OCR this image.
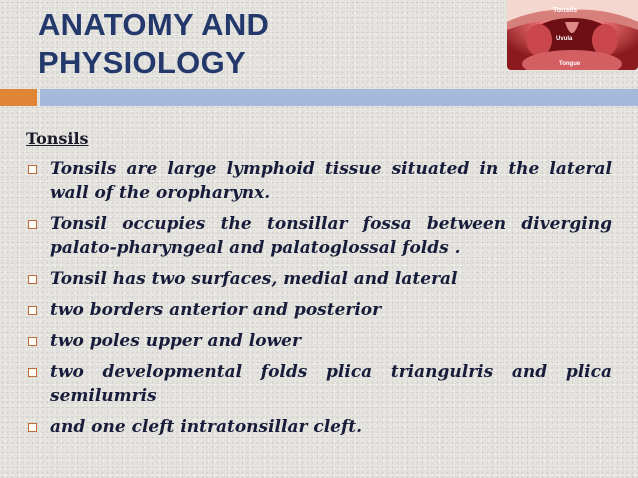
ANATOMY AND
PHYSIOLOGY
Tonsils
Uvula
Tongue
Tonsils
Tonsils are large lymphoid tissue situated in the lateral wall of the oropharynx.
Tonsil occupies the tonsillar fossa between diverging palato-pharyngeal and palatoglossal folds .
Tonsil has two surfaces, medial and lateral
two borders anterior and posterior
two poles upper and lower
two developmental folds plica triangulris and plica semilumris
and one cleft intratonsillar cleft.
